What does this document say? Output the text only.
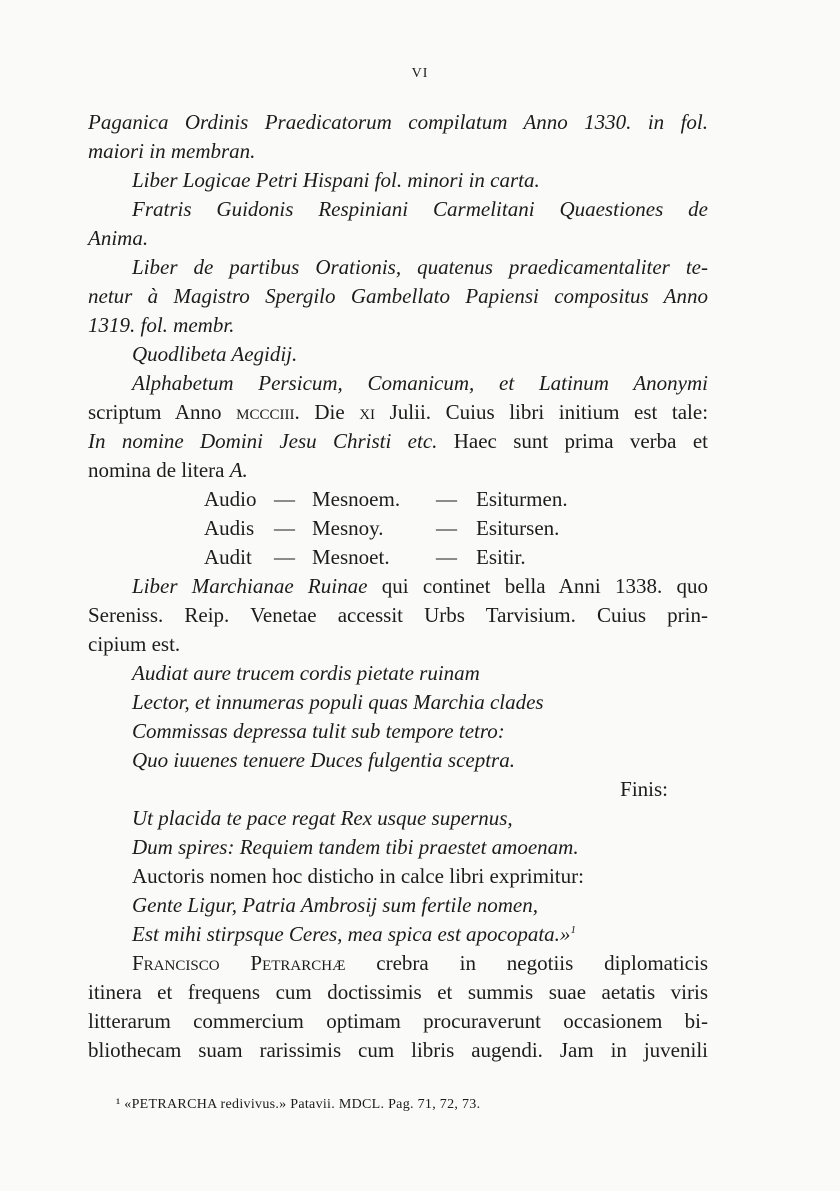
VI

Paganica Ordinis Praedicatorum compilatum Anno 1330. in fol.

maiori in membran.

Liber Logicae Petri Hispani fol. minori in carta.

Fratris Guidonis Respiniani Carmelitani Quaestiones de

Anima.

Liber de partibus Orationis, quatenus praedicamentaliter te-

netur à Magistro Spergilo Gambellato Papiensi compositus Anno

1319. fol. membr.

Quodlibeta Aegidij.

Alphabetum Persicum, Comanicum, et Latinum Anonymi

scriptum Anno mccciii. Die xi Julii. Cuius libri initium est tale:

In nomine Domini Jesu Christi etc. Haec sunt prima verba et

nomina de litera A.

Audio	—	Mesnoem.	—	Esiturmen.
Audis	—	Mesnoy.	—	Esitursen.
Audit	—	Mesnoet.	—	Esitir.

Liber Marchianae Ruinae qui continet bella Anni 1338. quo

Sereniss. Reip. Venetae accessit Urbs Tarvisium. Cuius prin-

cipium est.

Audiat aure trucem cordis pietate ruinam
Lector, et innumeras populi quas Marchia clades
Commissas depressa tulit sub tempore tetro:
Quo iuuenes tenuere Duces fulgentia sceptra.

Finis:

Ut placida te pace regat Rex usque supernus,
Dum spires: Requiem tandem tibi praestet amoenam.

Auctoris nomen hoc disticho in calce libri exprimitur:

Gente Ligur, Patria Ambrosij sum fertile nomen,
Est mihi stirpsque Ceres, mea spica est apocopata.»$^1$

Francisco Petrarchæ crebra in negotiis diplomaticis

itinera et frequens cum doctissimis et summis suae aetatis viris

litterarum commercium optimam procuraverunt occasionem bi-

bliothecam suam rarissimis cum libris augendi. Jam in juvenili

¹ «PETRARCHA redivivus.» Patavii. MDCL. Pag. 71, 72, 73.
